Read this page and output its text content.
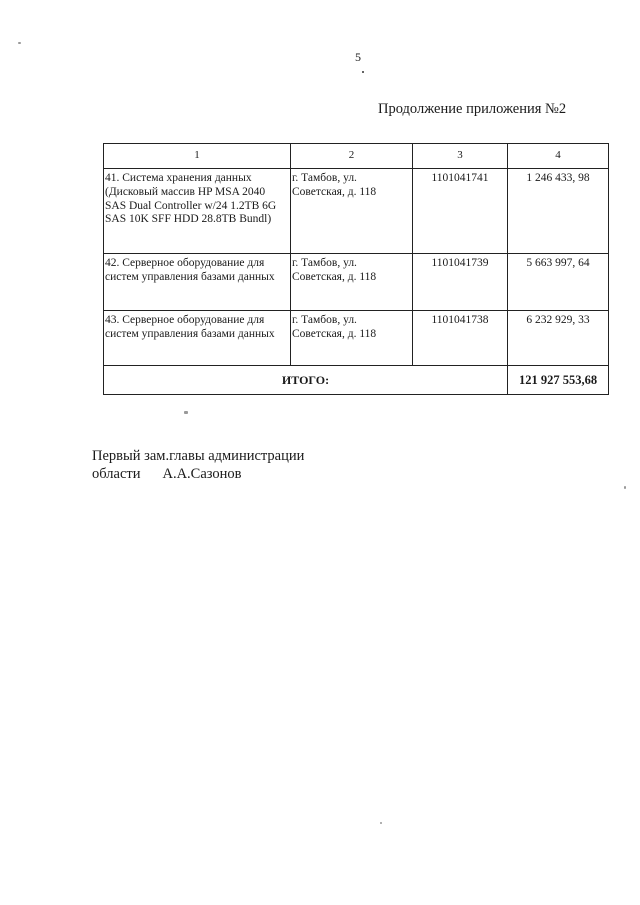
5
Продолжение приложения №2
1	2	3	4

41. Система хранения данных (Дисковый массив HP MSA 2040 SAS Dual Controller w/24 1.2TB 6G SAS 10K SFF HDD 28.8TB Bundl)	г. Тамбов, ул. Советская, д. 118	1101041741	1 246 433, 98

42. Серверное оборудование для систем управления базами данных	г. Тамбов, ул. Советская, д. 118	1101041739	5 663 997, 64

43. Серверное оборудование для систем управления базами данных	г. Тамбов, ул. Советская, д. 118	1101041738	6 232 929, 33

ИТОГО:			121 927 553,68
Первый зам.главы администрации
области А.А.Сазонов
